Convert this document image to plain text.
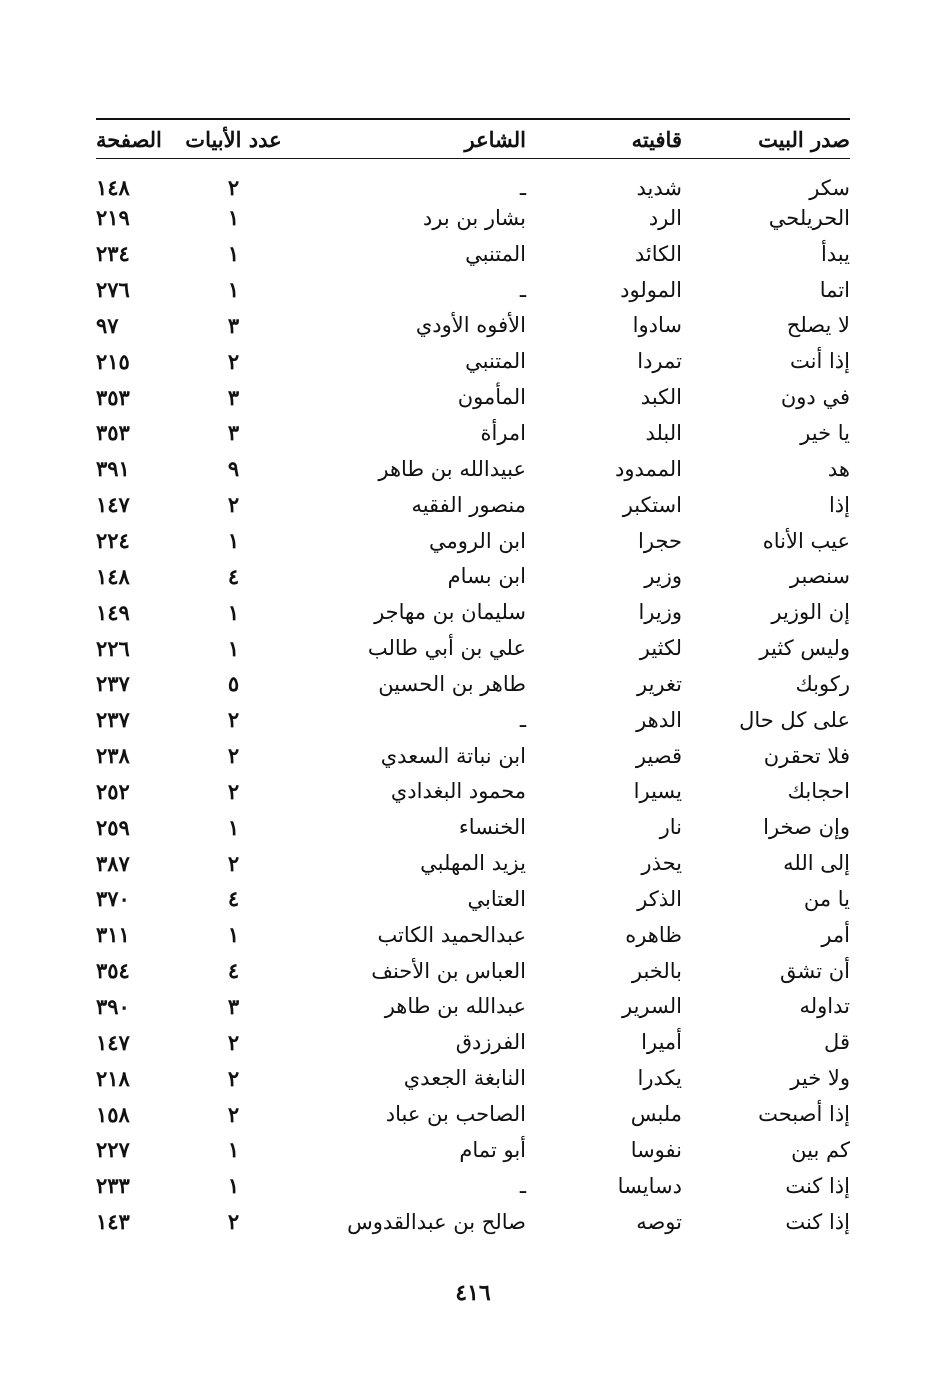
صدر البيت	قافيته	الشاعر	عدد الأبيات	الصفحة
سكر	شديد	ـ	٢	١٤٨
الحريلحي	الرد	بشار بن برد	١	٢١٩
يبدأ	الكائد	المتنبي	١	٢٣٤
اتما	المولود	ـ	١	٢٧٦
لا يصلح	سادوا	الأفوه الأودي	٣	٩٧
إذا أنت	تمردا	المتنبي	٢	٢١٥
في دون	الكبد	المأمون	٣	٣٥٣
يا خير	البلد	امرأة	٣	٣٥٣
هد	الممدود	عبيدالله بن طاهر	٩	٣٩١
إذا	استكبر	منصور الفقيه	٢	١٤٧
عيب الأناه	حجرا	ابن الرومي	١	٢٢٤
سنصبر	وزير	ابن بسام	٤	١٤٨
إن الوزير	وزيرا	سليمان بن مهاجر	١	١٤٩
وليس كثير	لكثير	علي بن أبي طالب	١	٢٢٦
ركوبك	تغرير	طاهر بن الحسين	٥	٢٣٧
على كل حال	الدهر	ـ	٢	٢٣٧
فلا تحقرن	قصير	ابن نباتة السعدي	٢	٢٣٨
احجابك	يسيرا	محمود البغدادي	٢	٢٥٢
وإن صخرا	نار	الخنساء	١	٢٥٩
إلى الله	يحذر	يزيد المهلبي	٢	٣٨٧
يا من	الذكر	العتابي	٤	٣٧٠
أمر	ظاهره	عبدالحميد الكاتب	١	٣١١
أن تشق	بالخبر	العباس بن الأحنف	٤	٣٥٤
تداوله	السرير	عبدالله بن طاهر	٣	٣٩٠
قل	أميرا	الفرزدق	٢	١٤٧
ولا خير	يكدرا	النابغة الجعدي	٢	٢١٨
إذا أصبحت	ملبس	الصاحب بن عباد	٢	١٥٨
كم بين	نفوسا	أبو تمام	١	٢٢٧
إذا كنت	دسايسا	ـ	١	٢٣٣
إذا كنت	توصه	صالح بن عبدالقدوس	٢	١٤٣
٤١٦
